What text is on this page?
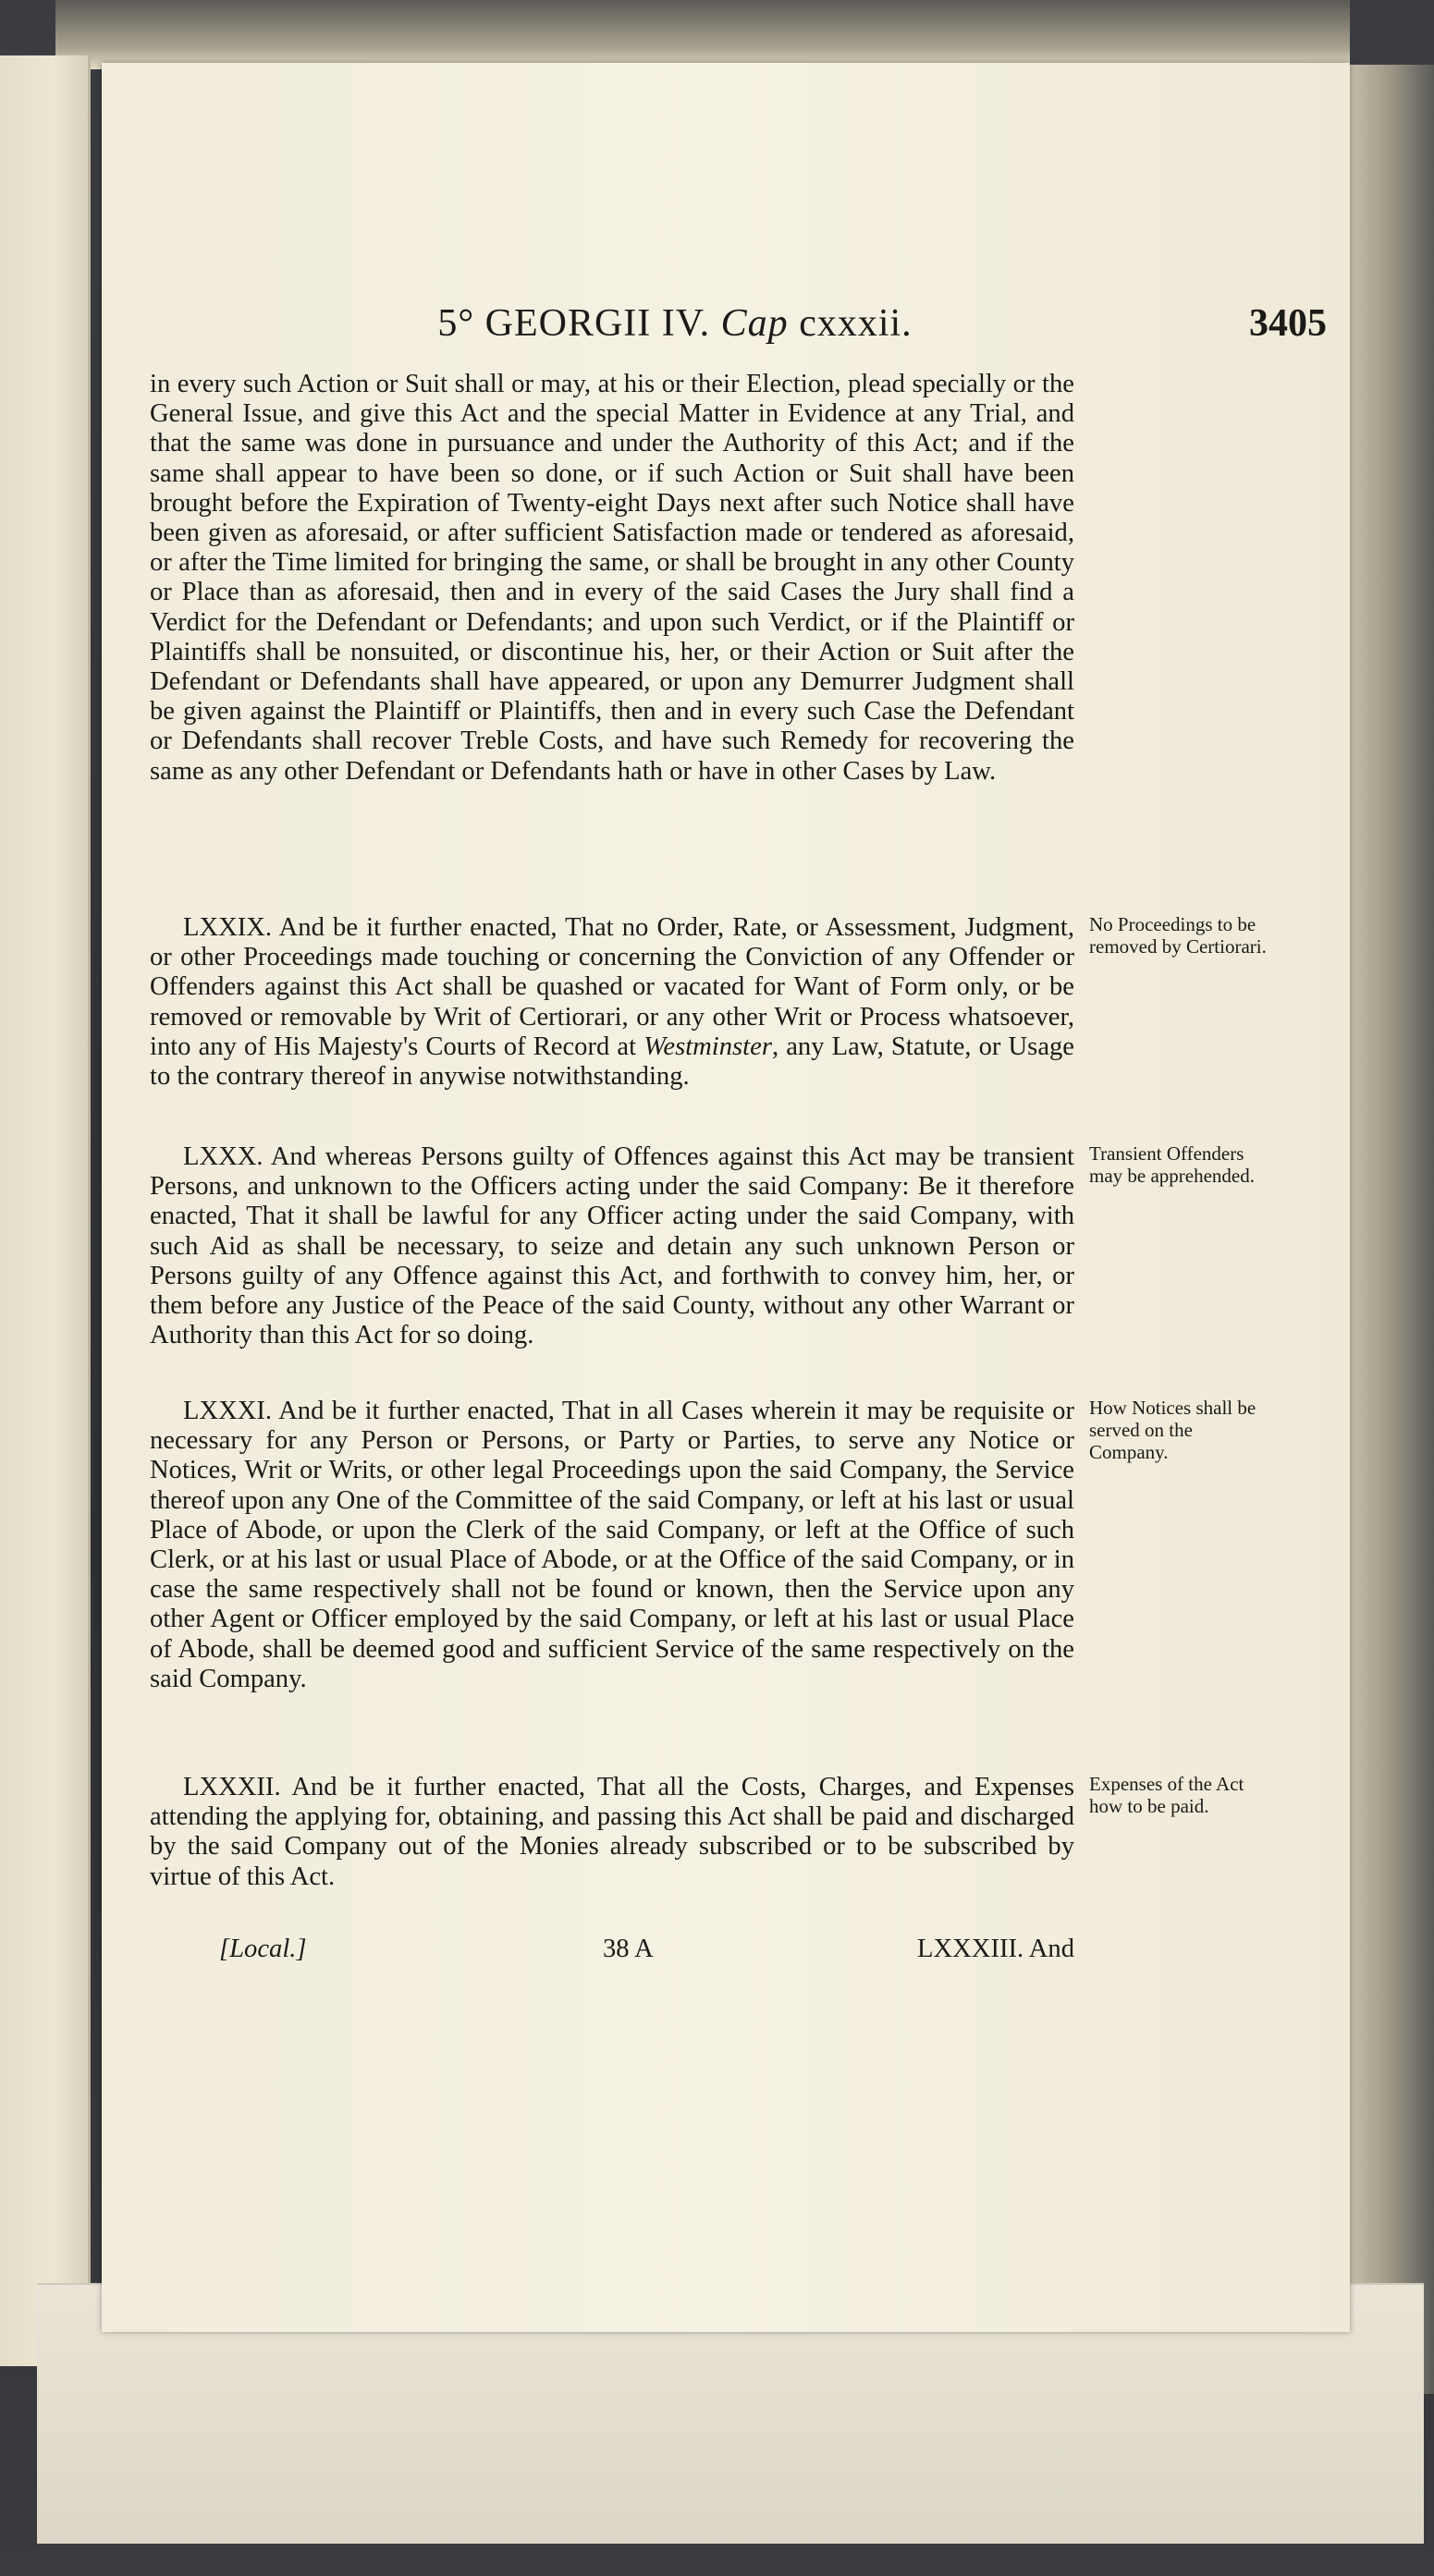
5° GEORGII IV. Cap cxxxii.	3405

in every such Action or Suit shall or may, at his or their Election, plead specially or the General Issue, and give this Act and the special Matter in Evidence at any Trial, and that the same was done in pursuance and under the Authority of this Act; and if the same shall appear to have been so done, or if such Action or Suit shall have been brought before the Expiration of Twenty-eight Days next after such Notice shall have been given as aforesaid, or after sufficient Satisfaction made or tendered as aforesaid, or after the Time limited for bringing the same, or shall be brought in any other County or Place than as aforesaid, then and in every of the said Cases the Jury shall find a Verdict for the Defendant or Defendants; and upon such Verdict, or if the Plaintiff or Plaintiffs shall be nonsuited, or discontinue his, her, or their Action or Suit after the Defendant or Defendants shall have appeared, or upon any Demurrer Judgment shall be given against the Plaintiff or Plaintiffs, then and in every such Case the Defendant or Defendants shall recover Treble Costs, and have such Remedy for recovering the same as any other Defendant or Defendants hath or have in other Cases by Law.

LXXIX. And be it further enacted, That no Order, Rate, or Assessment, Judgment, or other Proceedings made touching or concerning the Conviction of any Offender or Offenders against this Act shall be quashed or vacated for Want of Form only, or be removed or removable by Writ of Certiorari, or any other Writ or Process whatsoever, into any of His Majesty's Courts of Record at Westminster, any Law, Statute, or Usage to the contrary thereof in anywise notwithstanding.

No Proceedings to be removed by Certiorari.

LXXX. And whereas Persons guilty of Offences against this Act may be transient Persons, and unknown to the Officers acting under the said Company: Be it therefore enacted, That it shall be lawful for any Officer acting under the said Company, with such Aid as shall be necessary, to seize and detain any such unknown Person or Persons guilty of any Offence against this Act, and forthwith to convey him, her, or them before any Justice of the Peace of the said County, without any other Warrant or Authority than this Act for so doing.

Transient Offenders may be apprehended.

LXXXI. And be it further enacted, That in all Cases wherein it may be requisite or necessary for any Person or Persons, or Party or Parties, to serve any Notice or Notices, Writ or Writs, or other legal Proceedings upon the said Company, the Service thereof upon any One of the Committee of the said Company, or left at his last or usual Place of Abode, or upon the Clerk of the said Company, or left at the Office of such Clerk, or at his last or usual Place of Abode, or at the Office of the said Company, or in case the same respectively shall not be found or known, then the Service upon any other Agent or Officer employed by the said Company, or left at his last or usual Place of Abode, shall be deemed good and sufficient Service of the same respectively on the said Company.

How Notices shall be served on the Company.

LXXXII. And be it further enacted, That all the Costs, Charges, and Expenses attending the applying for, obtaining, and passing this Act shall be paid and discharged by the said Company out of the Monies already subscribed or to be subscribed by virtue of this Act.

Expenses of the Act how to be paid.
[Local.]	38 A	LXXXIII. And
